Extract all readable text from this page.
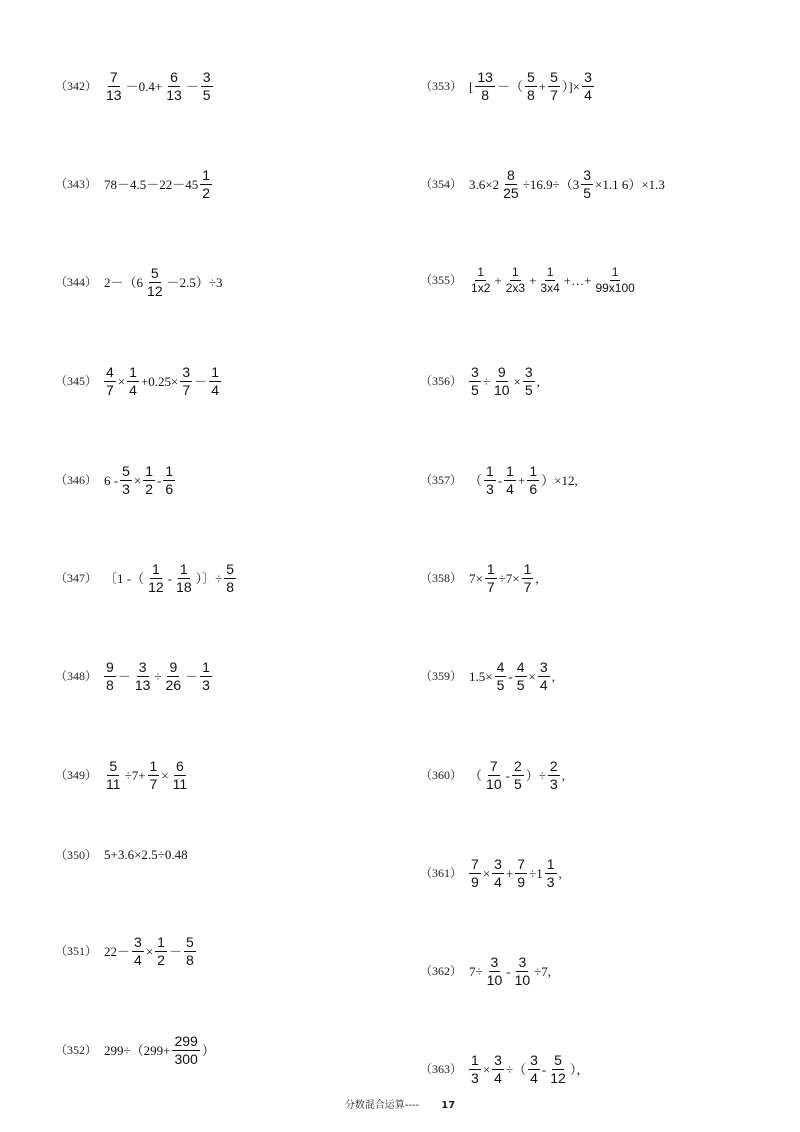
$(342) \frac{7}{13} -0.4+ \frac{6}{13} - \frac{3}{5}$
（343） $78-4.5-22-45 \frac{1}{2}$
（344） $2-(6 \frac{5}{12} -2.5)\div 3$
$(345) \frac{4}{7} \times \frac{1}{4} +0.25\times \frac{3}{7} - \frac{1}{4}$
（346） $6 - \frac{5}{3} \times \frac{1}{2} - \frac{1}{6}$
（347） 〔1 -（ $\frac{1}{12} - \frac{1}{18}$ ）〕÷ $\frac{5}{8}$
$(348) \frac{9}{8} - \frac{3}{13} \div \frac{9}{26} - \frac{1}{3}$
$(349) \frac{5}{11} \div 7+ \frac{1}{7} \times \frac{6}{11}$
（350） 5+3.6×2.5÷0.48
（351） $22- \frac{3}{4} \times \frac{1}{2} - \frac{5}{8}$
（352） $299\div(299+ \frac{299}{300}$ ）
（353） [ $\frac{13}{8}$ －（ $\frac{5}{8} + \frac{5}{7}$ ）]× $\frac{3}{4}$
（354） $3.6\times 2 \frac{8}{25} \div 16.9\div(3 \frac{3}{5} \times 1.1$ 6）×1.3
$(355) \frac{1}{1x2} + \frac{1}{2x3} + \frac{1}{3x4}$ +…+ $\frac{1}{99x100}$
$(356) \frac{3}{5} \div \frac{9}{10} \times \frac{3}{5}$ ,
（357） （ $\frac{1}{3} - \frac{1}{4} + \frac{1}{6} )\times 12$,
（358） $7\times \frac{1}{7} \div 7\times \frac{1}{7}$ ,
（359） $1.5\times \frac{4}{5} - \frac{4}{5} \times \frac{3}{4}$ ,
（360） （ $\frac{7}{10} - \frac{2}{5}$ ）÷ $\frac{2}{3}$ ,
$(361) \frac{7}{9} \times \frac{3}{4} + \frac{7}{9} \div 1 \frac{1}{3}$ ,
（362） $7\div \frac{3}{10} - \frac{3}{10} \div 7$,
$(363) \frac{1}{3} \times \frac{3}{4}$ ÷（ $\frac{3}{4} - \frac{5}{12}$ ），
分数混合运算---- 17
